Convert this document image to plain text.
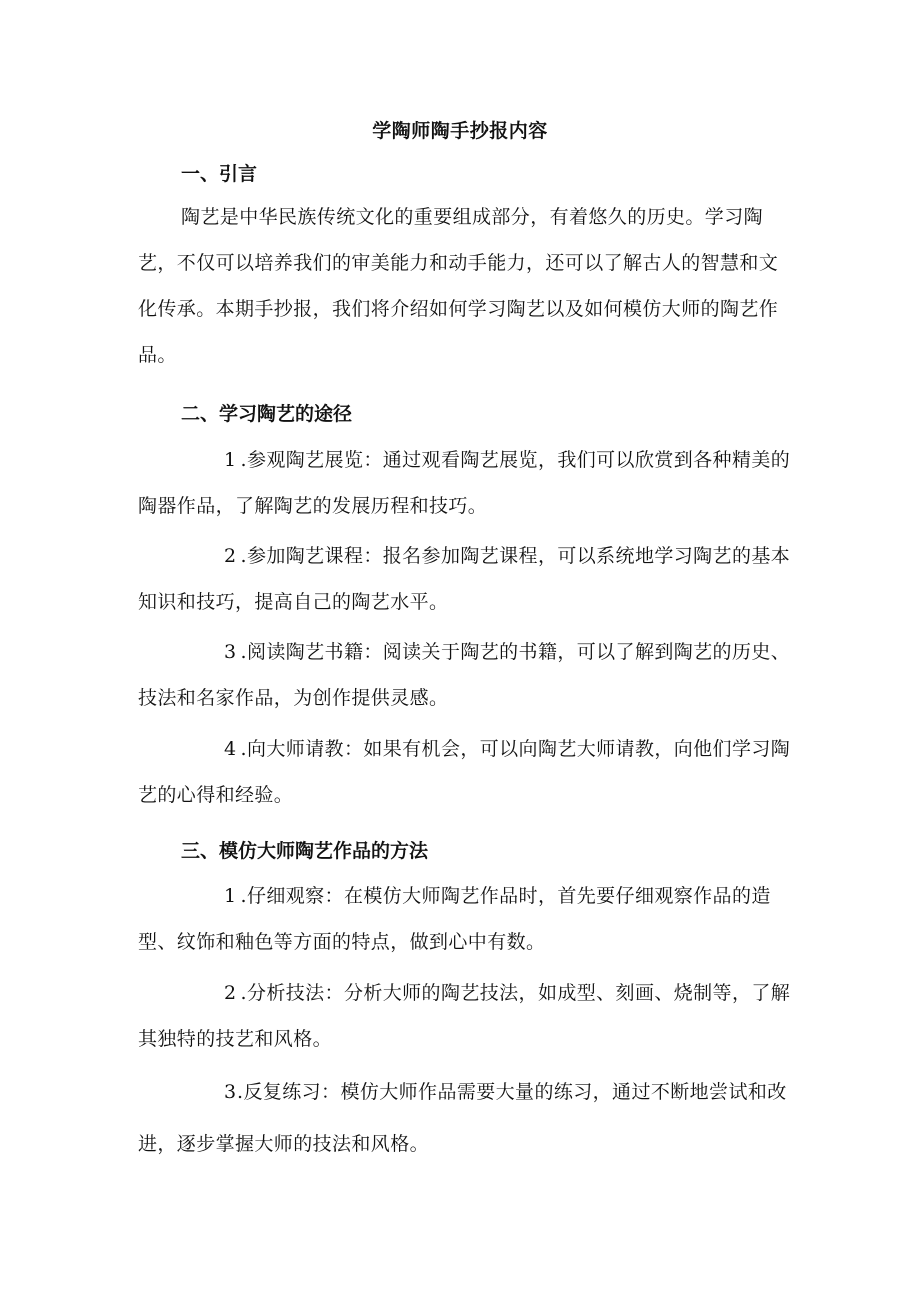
学陶师陶手抄报内容
一、引言

陶艺是中华民族传统文化的重要组成部分，有着悠久的历史。学习陶艺，不仅可以培养我们的审美能力和动手能力，还可以了解古人的智慧和文化传承。本期手抄报，我们将介绍如何学习陶艺以及如何模仿大师的陶艺作品。

二、学习陶艺的途径

1 .参观陶艺展览：通过观看陶艺展览，我们可以欣赏到各种精美的陶器作品，了解陶艺的发展历程和技巧。

2 .参加陶艺课程：报名参加陶艺课程，可以系统地学习陶艺的基本知识和技巧，提高自己的陶艺水平。

3 .阅读陶艺书籍：阅读关于陶艺的书籍，可以了解到陶艺的历史、技法和名家作品，为创作提供灵感。

4 .向大师请教：如果有机会，可以向陶艺大师请教，向他们学习陶艺的心得和经验。

三、模仿大师陶艺作品的方法

1 .仔细观察：在模仿大师陶艺作品时，首先要仔细观察作品的造型、纹饰和釉色等方面的特点，做到心中有数。

2 .分析技法：分析大师的陶艺技法，如成型、刻画、烧制等，了解其独特的技艺和风格。

3.反复练习：模仿大师作品需要大量的练习，通过不断地尝试和改进，逐步掌握大师的技法和风格。
